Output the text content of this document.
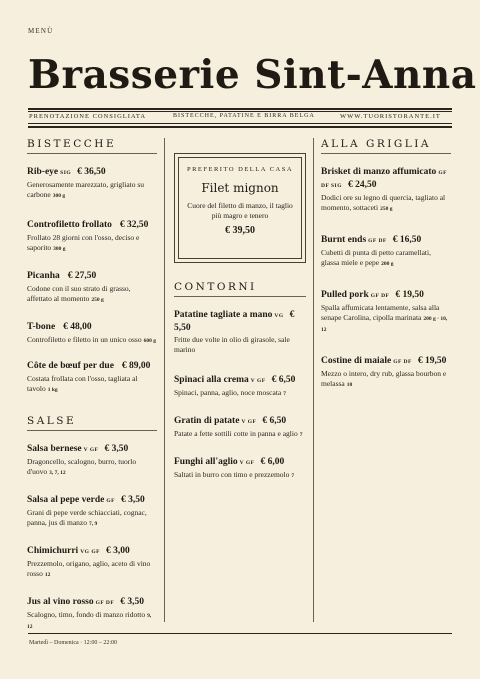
MENÙ
Brasserie Sint-Anna
PRENOTAZIONE CONSIGLIATA	BISTECCHE, PATATINE E BIRRA BELGA	WWW.TUORISTORANTE.IT
BISTECCHE
Rib-eye SIG € 36,50
Generosamente marezzato, grigliato su carbone 300 g
Controfiletto frollato € 32,50
Frollato 28 giorni con l'osso, deciso e saporito 300 g
Picanha € 27,50
Codone con il suo strato di grasso, affettato al momento 250 g
T-bone € 48,00
Controfiletto e filetto in un unico osso 600 g
Côte de bœuf per due € 89,00
Costata frollata con l'osso, tagliata al tavolo 1 kg
SALSE
Salsa bernese V GF € 3,50
Dragoncello, scalogno, burro, tuorlo d'uovo 3, 7, 12
Salsa al pepe verde GF € 3,50
Grani di pepe verde schiacciati, cognac, panna, jus di manzo 7, 9
Chimichurri VG GF € 3,00
Prezzemolo, origano, aglio, aceto di vino rosso 12
Jus al vino rosso GF DF € 3,50
Scalogno, timo, fondo di manzo ridotto 9, 12
PREFERITO DELLA CASA
Filet mignon
Cuore del filetto di manzo, il taglio più magro e tenero
€ 39,50
CONTORNI
Patatine tagliate a mano VG € 5,50
Fritte due volte in olio di girasole, sale marino
Spinaci alla crema V GF € 6,50
Spinaci, panna, aglio, noce moscata 7
Gratin di patate V GF € 6,50
Patate a fette sottili cotte in panna e aglio 7
Funghi all'aglio V GF € 6,00
Saltati in burro con timo e prezzemolo 7
ALLA GRIGLIA
Brisket di manzo affumicato GF DF SIG € 24,50
Dodici ore su legno di quercia, tagliato al momento, sottaceti 250 g
Burnt ends GF DF € 16,50
Cubetti di punta di petto caramellati, glassa miele e pepe 200 g
Pulled pork GF DF € 19,50
Spalla affumicata lentamente, salsa alla senape Carolina, cipolla marinata 200 g · 10, 12
Costine di maiale GF DF € 19,50
Mezzo o intero, dry rub, glassa bourbon e melassa 10
Martedì – Domenica · 12:00 – 22:00
